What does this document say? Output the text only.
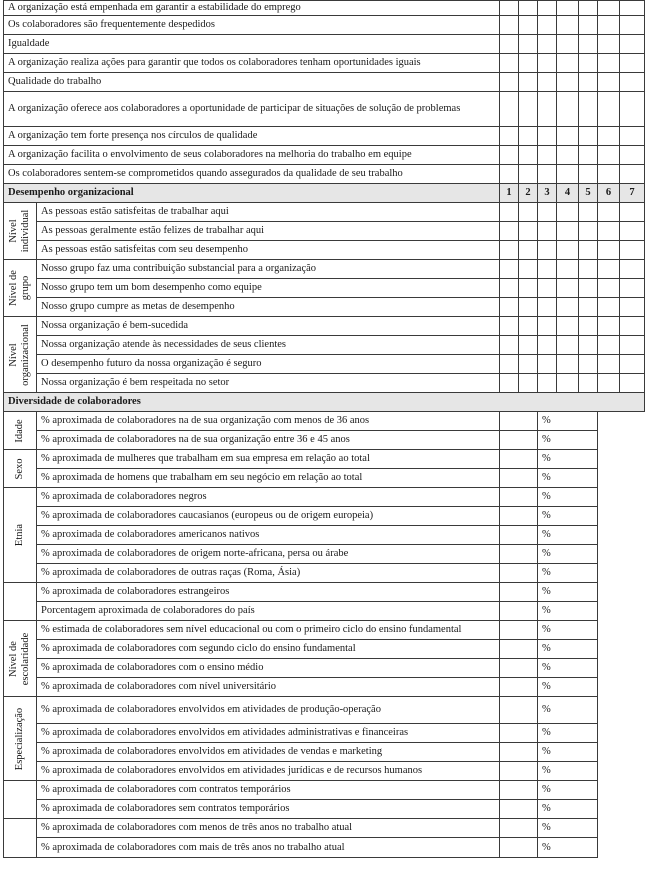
A organização está empenhada em garantir a estabilidade do emprego								
Os colaboradores são frequentemente despedidos								
Igualdade								
A organização realiza ações para garantir que todos os colaboradores tenham oportunidades iguais								
Qualidade do trabalho								
A organização oferece aos colaboradores a oportunidade de participar de situações de solução de problemas								
A organização tem forte presença nos círculos de qualidade								
A organização facilita o envolvimento de seus colaboradores na melhoria do trabalho em equipe								
Os colaboradores sentem-se comprometidos quando assegurados da qualidade de seu trabalho								
Desempenho organizacional		1	2	3	4	5	6	7

Nível individual	As pessoas estão satisfeitas de trabalhar aqui							
	As pessoas geralmente estão felizes de trabalhar aqui							
	As pessoas estão satisfeitas com seu desempenho							

Nível de grupo	Nosso grupo faz uma contribuição substancial para a organização							
	Nosso grupo tem um bom desempenho como equipe							
	Nosso grupo cumpre as metas de desempenho							

Nível organizacional	Nossa organização é bem-sucedida							
	Nossa organização atende às necessidades de seus clientes							
	O desempenho futuro da nossa organização é seguro							
	Nossa organização é bem respeitada no setor							
Diversidade de colaboradores								

Idade	% aproximada de colaboradores na de sua organização com menos de 36 anos			%				
	% aproximada de colaboradores na de sua organização entre 36 e 45 anos			%				

Sexo	% aproximada de mulheres que trabalham em sua empresa em relação ao total			%				
	% aproximada de homens que trabalham em seu negócio em relação ao total			%				

Etnia	% aproximada de colaboradores negros			%				
	% aproximada de colaboradores caucasianos (europeus ou de origem europeia)			%				
	% aproximada de colaboradores americanos nativos			%				
	% aproximada de colaboradores de origem norte-africana, persa ou árabe			%				
	% aproximada de colaboradores de outras raças (Roma, Ásia)			%				

	% aproximada de colaboradores estrangeiros			%				
	Porcentagem aproximada de colaboradores do país			%				

Nível de escolaridade	% estimada de colaboradores sem nível educacional ou com o primeiro ciclo do ensino fundamental			%				
	% aproximada de colaboradores com segundo ciclo do ensino fundamental			%				
	% aproximada de colaboradores com o ensino médio			%				
	% aproximada de colaboradores com nível universitário			%				

Especialização	% aproximada de colaboradores envolvidos em atividades de produção-operação			%				
	% aproximada de colaboradores envolvidos em atividades administrativas e financeiras			%				
	% aproximada de colaboradores envolvidos em atividades de vendas e marketing			%				
	% aproximada de colaboradores envolvidos em atividades jurídicas e de recursos humanos			%				

	% aproximada de colaboradores com contratos temporários			%				
	% aproximada de colaboradores sem contratos temporários			%				

	% aproximada de colaboradores com menos de três anos no trabalho atual			%				
	% aproximada de colaboradores com mais de três anos no trabalho atual			%				
